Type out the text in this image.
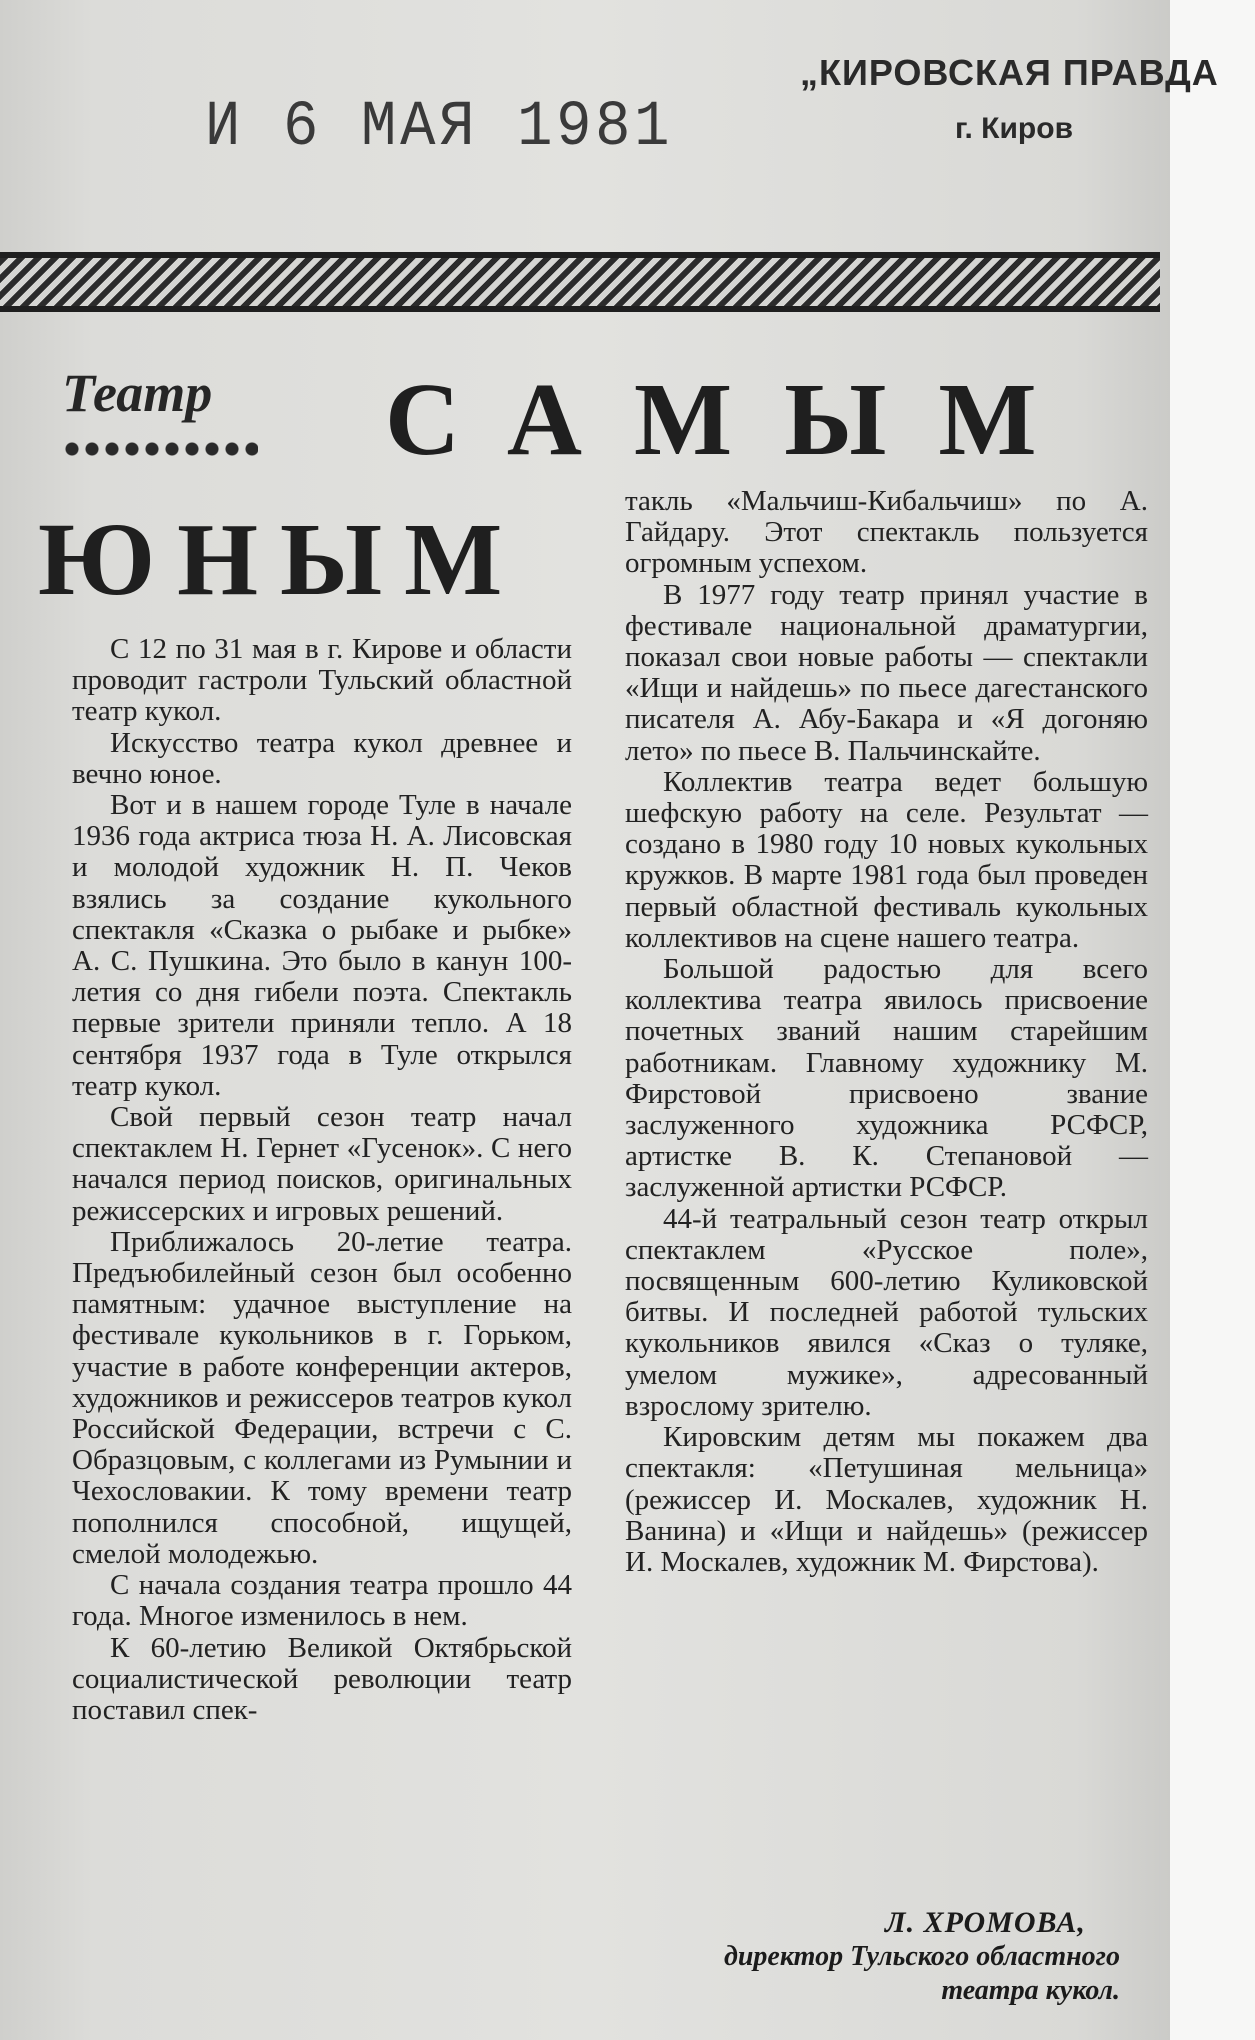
И 6 МАЯ 1981
„КИРОВСКАЯ ПРАВДА
г. Киров
Театр САМЫМ
ЮНЫМ

С 12 по 31 мая в г. Кирове и области проводит гастроли Тульский областной театр кукол.

Искусство театра кукол древнее и вечно юное.

Вот и в нашем городе Туле в начале 1936 года актриса тюза Н. А. Лисовская и молодой художник Н. П. Чеков взялись за создание кукольного спектакля «Сказка о рыбаке и рыбке» А. С. Пушкина. Это было в канун 100-летия со дня гибели поэта. Спектакль первые зрители приняли тепло. А 18 сентября 1937 года в Туле открылся театр кукол.

Свой первый сезон театр начал спектаклем Н. Гернет «Гусенок». С него начался период поисков, оригинальных режиссерских и игровых решений.

Приближалось 20-летие театра. Предъюбилейный сезон был особенно памятным: удачное выступление на фестивале кукольников в г. Горьком, участие в работе конференции актеров, художников и режиссеров театров кукол Российской Федерации, встречи с С. Образцовым, с коллегами из Румынии и Чехословакии. К тому времени театр пополнился способной, ищущей, смелой молодежью.

С начала создания театра прошло 44 года. Многое изменилось в нем.

К 60-летию Великой Октябрьской социалистической революции театр поставил спек-

такль «Мальчиш-Кибальчиш» по А. Гайдару. Этот спектакль пользуется огромным успехом.

В 1977 году театр принял участие в фестивале национальной драматургии, показал свои новые работы — спектакли «Ищи и найдешь» по пьесе дагестанского писателя А. Абу-Бакара и «Я догоняю лето» по пьесе В. Пальчинскайте.

Коллектив театра ведет большую шефскую работу на селе. Результат — создано в 1980 году 10 новых кукольных кружков. В марте 1981 года был проведен первый областной фестиваль кукольных коллективов на сцене нашего театра.

Большой радостью для всего коллектива театра явилось присвоение почетных званий нашим старейшим работникам. Главному художнику М. Фирстовой присвоено звание заслуженного художника РСФСР, артистке В. К. Степановой — заслуженной артистки РСФСР.

44-й театральный сезон театр открыл спектаклем «Русское поле», посвященным 600-летию Куликовской битвы. И последней работой тульских кукольников явился «Сказ о туляке, умелом мужике», адресованный взрослому зрителю.

Кировским детям мы покажем два спектакля: «Петушиная мельница» (режиссер И. Москалев, художник Н. Ванина) и «Ищи и найдешь» (режиссер И. Москалев, художник М. Фирстова).

Л. ХРОМОВА,
директор Тульского областного театра кукол.
